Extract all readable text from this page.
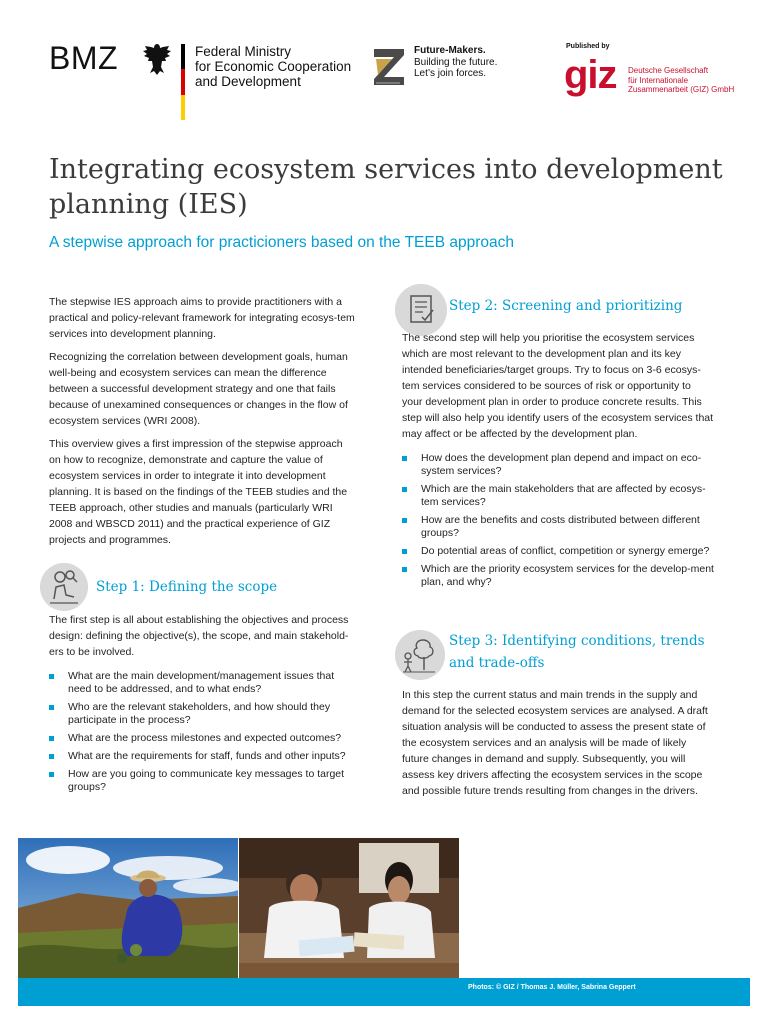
BMZ	Federal Ministry
for Economic Cooperation
and Development
Future-Makers.
Building the future.
Let’s join forces.
Published by
giz Deutsche Gesellschaft
für Internationale
Zusammenarbeit (GIZ) GmbH
Integrating ecosystem services into development planning (IES)
A stepwise approach for practicioners based on the TEEB approach

The stepwise IES approach aims to provide practitioners with a practical and policy-relevant framework for integrating ecosys-tem services into development planning.

Recognizing the correlation between development goals, human well-being and ecosystem services can mean the difference between a successful development strategy and one that fails because of unexamined consequences or changes in the flow of ecosystem services (WRI 2008).

This overview gives a first impression of the stepwise approach on how to recognize, demonstrate and capture the value of ecosystem services in order to integrate it into development planning. It is based on the findings of the TEEB studies and the TEEB approach, other studies and manuals (particularly WRI 2008 and WBSCD 2011) and the practical experience of GIZ projects and programmes.

Step 1: Defining the scope

The first step is all about establishing the objectives and process design: defining the objective(s), the scope, and main stakehold-ers to be involved.

What are the main development/management issues that need to be addressed, and to what ends?
Who are the relevant stakeholders, and how should they participate in the process?
What are the process milestones and expected outcomes?
What are the requirements for staff, funds and other inputs?
How are you going to communicate key messages to target groups?
Step 2: Screening and prioritizing

The second step will help you prioritise the ecosystem services which are most relevant to the development plan and its key intended beneficiaries/target groups. Try to focus on 3-6 ecosys-tem services considered to be sources of risk or opportunity to your development plan in order to produce concrete results. This step will also help you identify users of the ecosystem services that may affect or be affected by the development plan.

How does the development plan depend and impact on eco-system services?
Which are the main stakeholders that are affected by ecosys-tem services?
How are the benefits and costs distributed between different groups?
Do potential areas of conflict, competition or synergy emerge?
Which are the priority ecosystem services for the develop-ment plan, and why?
Step 3: Identifying conditions, trends
and trade-offs

In this step the current status and main trends in the supply and demand for the selected ecosystem services are analysed. A draft situation analysis will be conducted to assess the present state of the ecosystem services and an analysis will be made of likely future changes in demand and supply. Subsequently, you will assess key drivers affecting the ecosystem services in the scope and possible future trends resulting from changes in the drivers.

Photos: © GIZ / Thomas J. Müller, Sabrina Geppert
